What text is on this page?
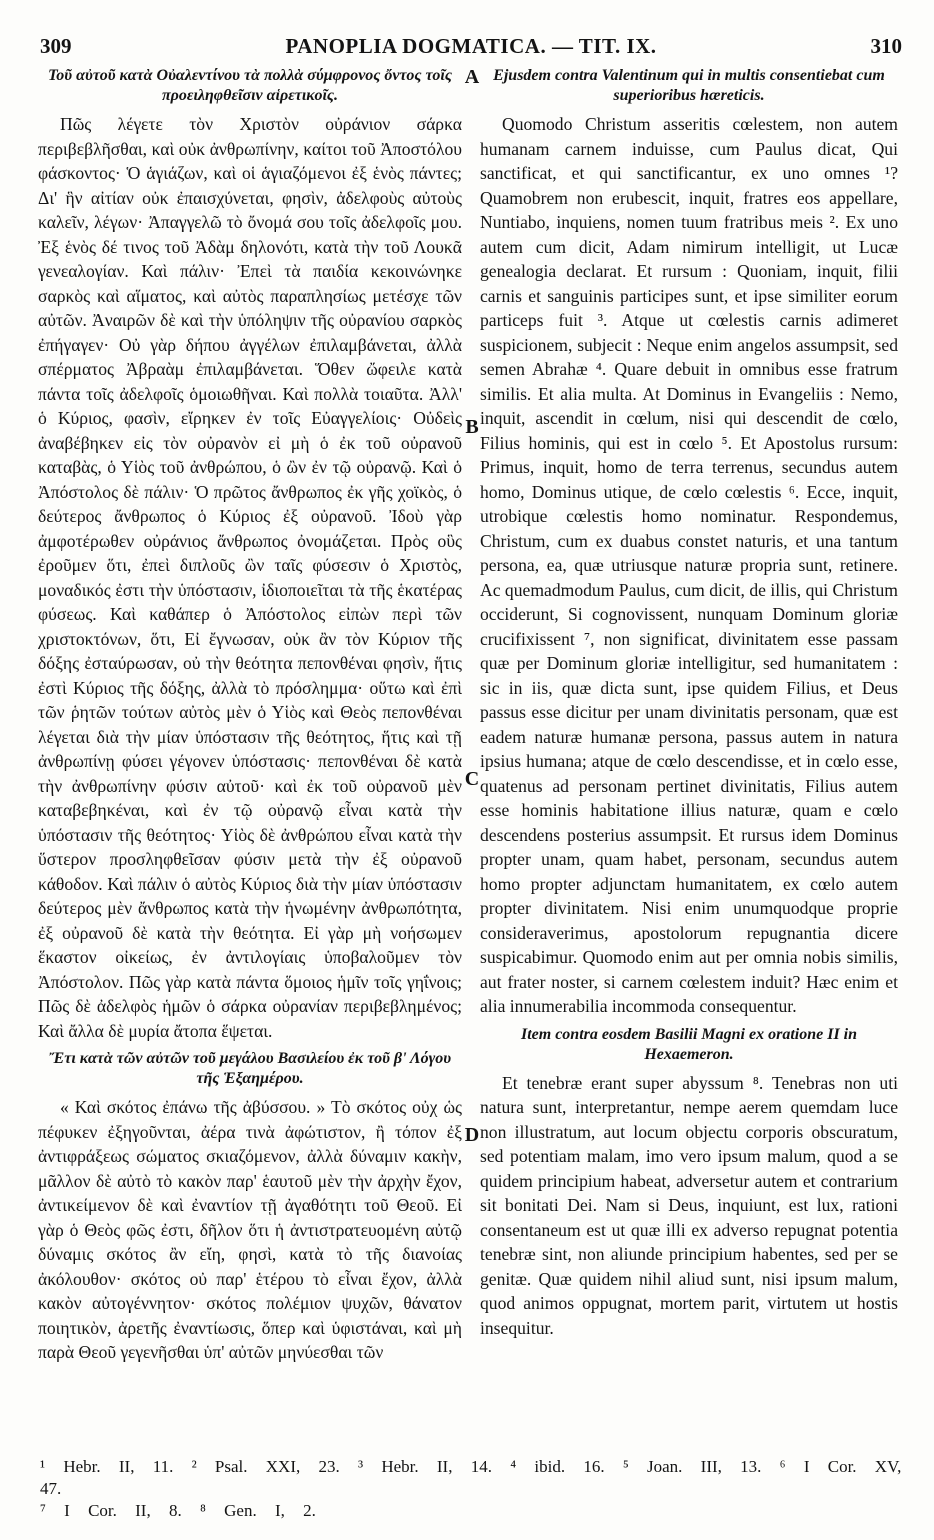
309	PANOPLIA DOGMATICA. — TIT. IX.	310

Τοῦ αὐτοῦ κατὰ Οὐαλεντίνου τὰ πολλὰ σύμφρονος ὄντος τοῖς προειληφθεῖσιν αἱρετικοῖς.

Πῶς λέγετε τὸν Χριστὸν οὐράνιον σάρκα περιβεβλῆσθαι, καὶ οὐκ ἀνθρωπίνην, καίτοι τοῦ Ἀποστόλου φάσκοντος· Ὁ ἁγιάζων, καὶ οἱ ἁγιαζόμενοι ἐξ ἑνὸς πάντες; Δι' ἣν αἰτίαν οὐκ ἐπαισχύνεται, φησὶν, ἀδελφοὺς αὐτοὺς καλεῖν, λέγων· Ἀπαγγελῶ τὸ ὄνομά σου τοῖς ἀδελφοῖς μου. Ἐξ ἑνὸς δέ τινος τοῦ Ἀδὰμ δηλονότι, κατὰ τὴν τοῦ Λουκᾶ γενεαλογίαν. Καὶ πάλιν· Ἐπεὶ τὰ παιδία κεκοινώνηκε σαρκὸς καὶ αἵματος, καὶ αὐτὸς παραπλησίως μετέσχε τῶν αὐτῶν. Ἀναιρῶν δὲ καὶ τὴν ὑπόληψιν τῆς οὐρανίου σαρκὸς ἐπήγαγεν· Οὐ γὰρ δήπου ἀγγέλων ἐπιλαμβάνεται, ἀλλὰ σπέρματος Ἀβραὰμ ἐπιλαμβάνεται. Ὅθεν ὤφειλε κατὰ πάντα τοῖς ἀδελφοῖς ὁμοιωθῆναι. Καὶ πολλὰ τοιαῦτα. Ἀλλ' ὁ Κύριος, φασὶν, εἴρηκεν ἐν τοῖς Εὐαγγελίοις· Οὐδεὶς ἀναβέβηκεν εἰς τὸν οὐρανὸν εἰ μὴ ὁ ἐκ τοῦ οὐρανοῦ καταβὰς, ὁ Υἱὸς τοῦ ἀνθρώπου, ὁ ὢν ἐν τῷ οὐρανῷ. Καὶ ὁ Ἀπόστολος δὲ πάλιν· Ὁ πρῶτος ἄνθρωπος ἐκ γῆς χοϊκὸς, ὁ δεύτερος ἄνθρωπος ὁ Κύριος ἐξ οὐρανοῦ. Ἰδοὺ γὰρ ἀμφοτέρωθεν οὐράνιος ἄνθρωπος ὀνομάζεται. Πρὸς οὓς ἐροῦμεν ὅτι, ἐπεὶ διπλοῦς ὢν ταῖς φύσεσιν ὁ Χριστὸς, μοναδικός ἐστι τὴν ὑπόστασιν, ἰδιοποιεῖται τὰ τῆς ἑκατέρας φύσεως. Καὶ καθάπερ ὁ Ἀπόστολος εἰπὼν περὶ τῶν χριστοκτόνων, ὅτι, Εἰ ἔγνωσαν, οὐκ ἂν τὸν Κύριον τῆς δόξης ἐσταύρωσαν, οὐ τὴν θεότητα πεπονθέναι φησὶν, ἥτις ἐστὶ Κύριος τῆς δόξης, ἀλλὰ τὸ πρόσλημμα· οὕτω καὶ ἐπὶ τῶν ῥητῶν τούτων αὐτὸς μὲν ὁ Υἱὸς καὶ Θεὸς πεπονθέναι λέγεται διὰ τὴν μίαν ὑπόστασιν τῆς θεότητος, ἥτις καὶ τῇ ἀνθρωπίνῃ φύσει γέγονεν ὑπόστασις· πεπονθέναι δὲ κατὰ τὴν ἀνθρωπίνην φύσιν αὐτοῦ· καὶ ἐκ τοῦ οὐρανοῦ μὲν καταβεβηκέναι, καὶ ἐν τῷ οὐρανῷ εἶναι κατὰ τὴν ὑπόστασιν τῆς θεότητος· Υἱὸς δὲ ἀνθρώπου εἶναι κατὰ τὴν ὕστερον προσληφθεῖσαν φύσιν μετὰ τὴν ἐξ οὐρανοῦ κάθοδον. Καὶ πάλιν ὁ αὐτὸς Κύριος διὰ τὴν μίαν ὑπόστασιν δεύτερος μὲν ἄνθρωπος κατὰ τὴν ἡνωμένην ἀνθρωπότητα, ἐξ οὐρανοῦ δὲ κατὰ τὴν θεότητα. Εἰ γὰρ μὴ νοήσωμεν ἕκαστον οἰκείως, ἐν ἀντιλογίαις ὑποβαλοῦμεν τὸν Ἀπόστολον. Πῶς γὰρ κατὰ πάντα ὅμοιος ἡμῖν τοῖς γηΐνοις; Πῶς δὲ ἀδελφὸς ἡμῶν ὁ σάρκα οὐρανίαν περιβεβλημένος; Καὶ ἄλλα δὲ μυρία ἄτοπα ἕψεται.

Ἔτι κατὰ τῶν αὐτῶν τοῦ μεγάλου Βασιλείου ἐκ τοῦ β' Λόγου τῆς Ἑξαημέρου.

« Καὶ σκότος ἐπάνω τῆς ἀβύσσου. » Τὸ σκότος οὐχ ὡς πέφυκεν ἐξηγοῦνται, ἀέρα τινὰ ἀφώτιστον, ἢ τόπον ἐξ ἀντιφράξεως σώματος σκιαζόμενον, ἀλλὰ δύναμιν κακὴν, μᾶλλον δὲ αὐτὸ τὸ κακὸν παρ' ἑαυτοῦ μὲν τὴν ἀρχὴν ἔχον, ἀντικείμενον δὲ καὶ ἐναντίον τῇ ἀγαθότητι τοῦ Θεοῦ. Εἰ γὰρ ὁ Θεὸς φῶς ἐστι, δῆλον ὅτι ἡ ἀντιστρατευομένη αὐτῷ δύναμις σκότος ἂν εἴη, φησὶ, κατὰ τὸ τῆς διανοίας ἀκόλουθον· σκότος οὐ παρ' ἑτέρου τὸ εἶναι ἔχον, ἀλλὰ κακὸν αὐτογέννητον· σκότος πολέμιον ψυχῶν, θάνατον ποιητικὸν, ἀρετῆς ἐναντίωσις, ὅπερ καὶ ὑφιστάναι, καὶ μὴ παρὰ Θεοῦ γεγενῆσθαι ὑπ' αὐτῶν μηνύεσθαι τῶν

A
B
C
D

Ejusdem contra Valentinum qui in multis consentiebat cum superioribus hæreticis.

Quomodo Christum asseritis cœlestem, non autem humanam carnem induisse, cum Paulus dicat, Qui sanctificat, et qui sanctificantur, ex uno omnes ¹? Quamobrem non erubescit, inquit, fratres eos appellare, Nuntiabo, inquiens, nomen tuum fratribus meis ². Ex uno autem cum dicit, Adam nimirum intelligit, ut Lucæ genealogia declarat. Et rursum : Quoniam, inquit, filii carnis et sanguinis participes sunt, et ipse similiter eorum particeps fuit ³. Atque ut cœlestis carnis adimeret suspicionem, subjecit : Neque enim angelos assumpsit, sed semen Abrahæ ⁴. Quare debuit in omnibus esse fratrum similis. Et alia multa. At Dominus in Evangeliis : Nemo, inquit, ascendit in cœlum, nisi qui descendit de cœlo, Filius hominis, qui est in cœlo ⁵. Et Apostolus rursum: Primus, inquit, homo de terra terrenus, secundus autem homo, Dominus utique, de cœlo cœlestis ⁶. Ecce, inquit, utrobique cœlestis homo nominatur. Respondemus, Christum, cum ex duabus constet naturis, et una tantum persona, ea, quæ utriusque naturæ propria sunt, retinere. Ac quemadmodum Paulus, cum dicit, de illis, qui Christum occiderunt, Si cognovissent, nunquam Dominum gloriæ crucifixissent ⁷, non significat, divinitatem esse passam quæ per Dominum gloriæ intelligitur, sed humanitatem : sic in iis, quæ dicta sunt, ipse quidem Filius, et Deus passus esse dicitur per unam divinitatis personam, quæ est eadem naturæ humanæ persona, passus autem in natura ipsius humana; atque de cœlo descendisse, et in cœlo esse, quatenus ad personam pertinet divinitatis, Filius autem esse hominis habitatione illius naturæ, quam e cœlo descendens posterius assumpsit. Et rursus idem Dominus propter unam, quam habet, personam, secundus autem homo propter adjunctam humanitatem, ex cœlo autem propter divinitatem. Nisi enim unumquodque proprie consideraverimus, apostolorum repugnantia dicere suspicabimur. Quomodo enim aut per omnia nobis similis, aut frater noster, si carnem cœlestem induit? Hæc enim et alia innumerabilia incommoda consequentur.

Item contra eosdem Basilii Magni ex oratione II in Hexaemeron.

Et tenebræ erant super abyssum ⁸. Tenebras non uti natura sunt, interpretantur, nempe aerem quemdam luce non illustratum, aut locum objectu corporis obscuratum, sed potentiam malam, imo vero ipsum malum, quod a se quidem principium habeat, adversetur autem et contrarium sit bonitati Dei. Nam si Deus, inquiunt, est lux, rationi consentaneum est ut quæ illi ex adverso repugnat potentia tenebræ sint, non aliunde principium habentes, sed per se genitæ. Quæ quidem nihil aliud sunt, nisi ipsum malum, quod animos oppugnat, mortem parit, virtutem ut hostis insequitur.

¹ Hebr. II, 11. ² Psal. XXI, 23. ³ Hebr. II, 14. ⁴ ibid. 16. ⁵ Joan. III, 13. ⁶ I Cor. XV, 47.
⁷ I Cor. II, 8. ⁸ Gen. I, 2.
